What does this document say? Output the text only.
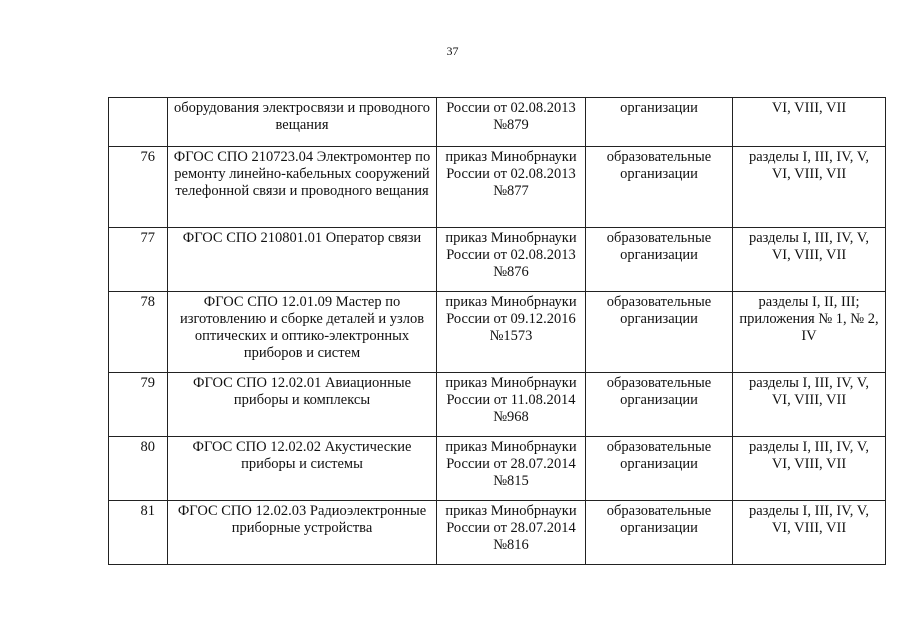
37
	оборудования электросвязи и проводного вещания	России от 02.08.2013 №879	организации	VI, VIII, VII
76	ФГОС СПО 210723.04 Электромонтер по ремонту линейно-кабельных сооружений телефонной связи и проводного вещания	приказ Минобрнауки России от 02.08.2013 №877	образовательные организации	разделы I, III, IV, V, VI, VIII, VII
77	ФГОС СПО 210801.01 Оператор связи	приказ Минобрнауки России от 02.08.2013 №876	образовательные организации	разделы I, III, IV, V, VI, VIII, VII
78	ФГОС СПО 12.01.09 Мастер по изготовлению и сборке деталей и узлов оптических и оптико-электронных приборов и систем	приказ Минобрнауки России от 09.12.2016 №1573	образовательные организации	разделы I, II, III; приложения № 1, № 2, IV
79	ФГОС СПО 12.02.01 Авиационные приборы и комплексы	приказ Минобрнауки России от 11.08.2014 №968	образовательные организации	разделы I, III, IV, V, VI, VIII, VII
80	ФГОС СПО 12.02.02 Акустические приборы и системы	приказ Минобрнауки России от 28.07.2014 №815	образовательные организации	разделы I, III, IV, V, VI, VIII, VII
81	ФГОС СПО 12.02.03 Радиоэлектронные приборные устройства	приказ Минобрнауки России от 28.07.2014 №816	образовательные организации	разделы I, III, IV, V, VI, VIII, VII
